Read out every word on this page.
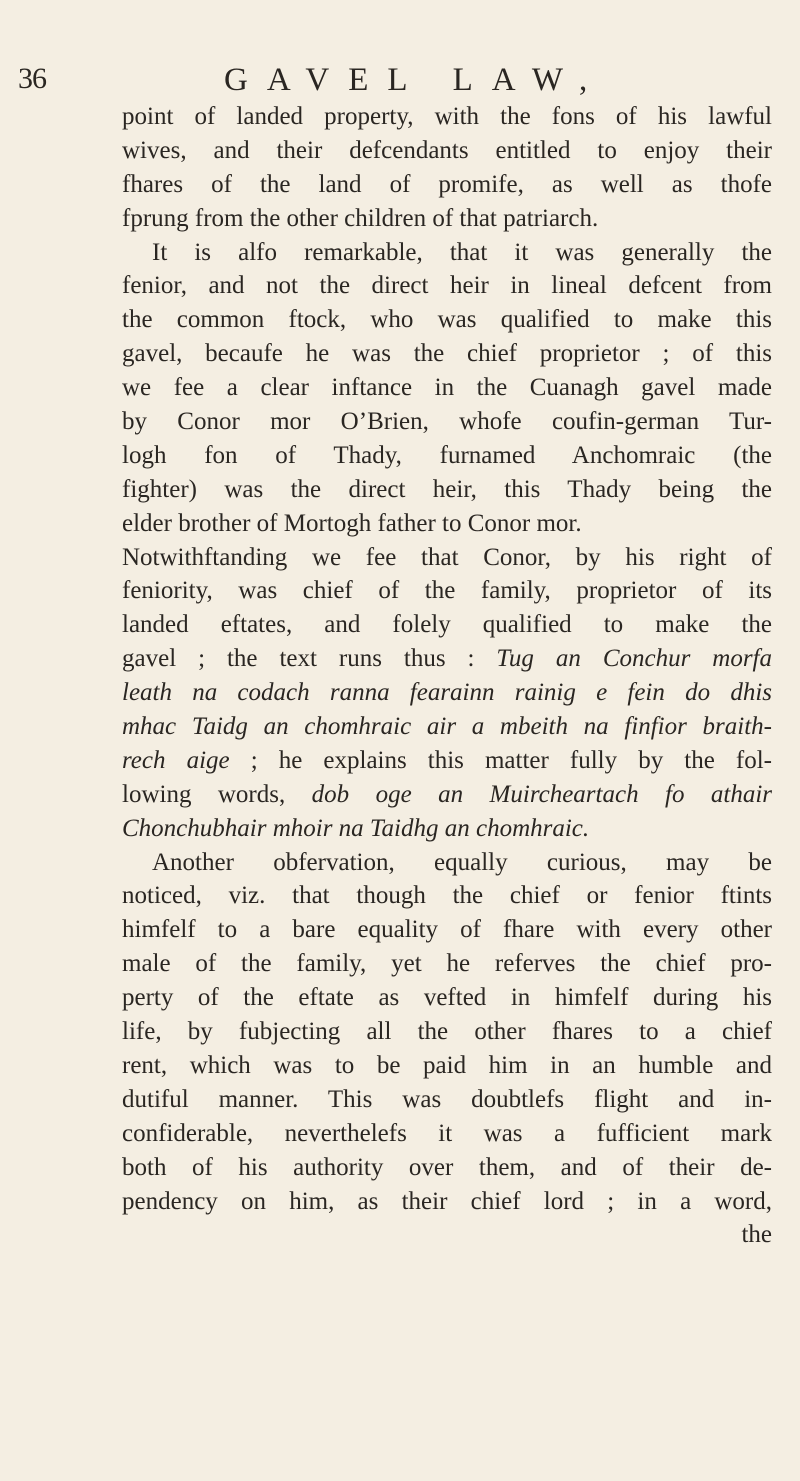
36	GAVEL LAW,
point of landed property, with the fons of his lawful
wives, and their defcendants entitled to enjoy their
fhares of the land of promife, as well as thofe
fprung from the other children of that patriarch.
It is alfo remarkable, that it was generally the
fenior, and not the direct heir in lineal defcent from
the common ftock, who was qualified to make this
gavel, becaufe he was the chief proprietor ; of this
we fee a clear inftance in the Cuanagh gavel made
by Conor mor O’Brien, whofe coufin-german Tur-
logh fon of Thady, furnamed Anchomraic (the
fighter) was the direct heir, this Thady being the
elder brother of Mortogh father to Conor mor.
Notwithftanding we fee that Conor, by his right of
feniority, was chief of the family, proprietor of its
landed eftates, and folely qualified to make the
gavel ; the text runs thus : Tug an Conchur morfa
leath na codach ranna fearainn rainig e fein do dhis
mhac Taidg an chomhraic air a mbeith na finfior braith-
rech aige ; he explains this matter fully by the fol-
lowing words, dob oge an Muircheartach fo athair
Chonchubhair mhoir na Taidhg an chomhraic.
Another obfervation, equally curious, may be
noticed, viz. that though the chief or fenior ftints
himfelf to a bare equality of fhare with every other
male of the family, yet he referves the chief pro-
perty of the eftate as vefted in himfelf during his
life, by fubjecting all the other fhares to a chief
rent, which was to be paid him in an humble and
dutiful manner. This was doubtlefs flight and in-
confiderable, neverthelefs it was a fufficient mark
both of his authority over them, and of their de-
pendency on him, as their chief lord ; in a word,
the
